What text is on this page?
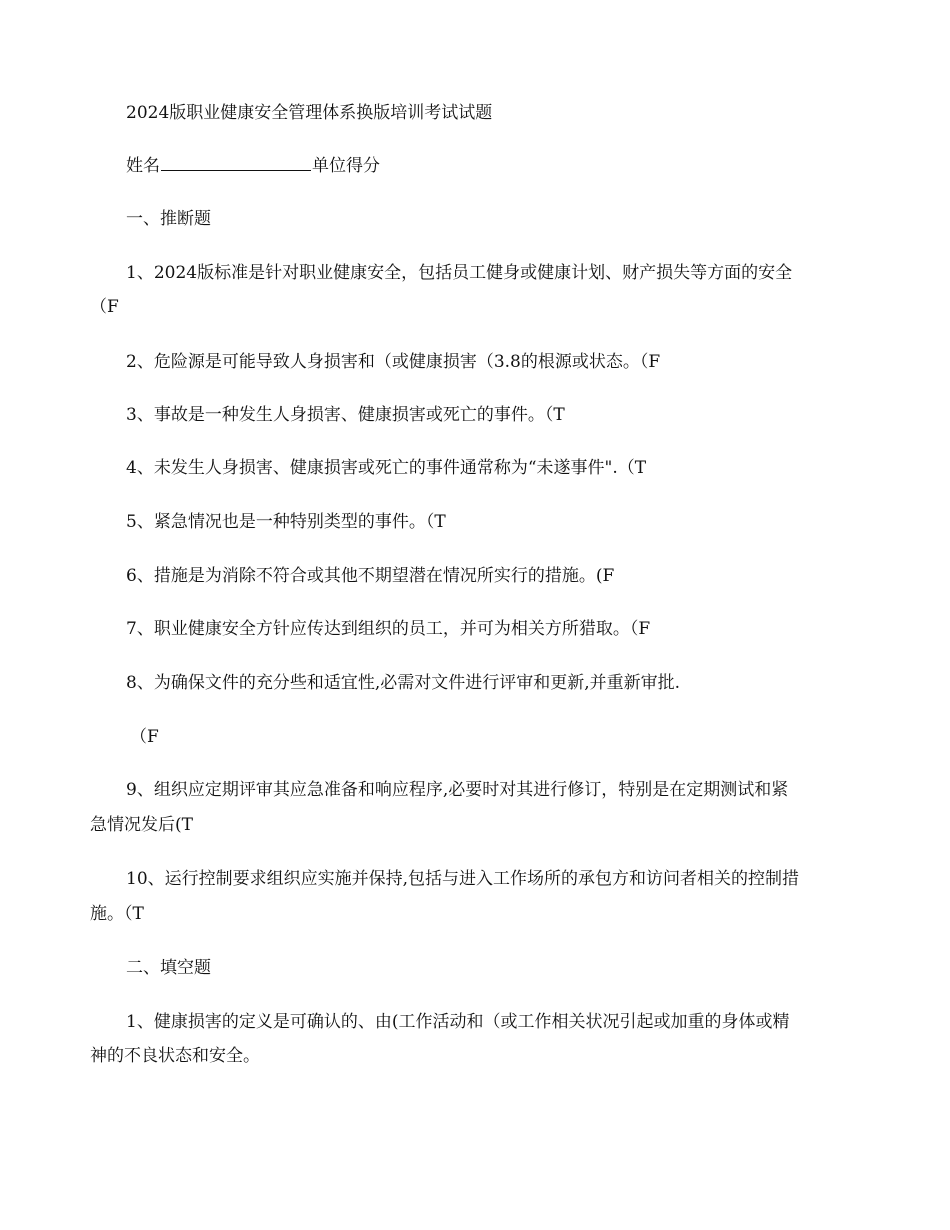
2024版职业健康安全管理体系换版培训考试试题
姓名	单位得分
一、推断题
1、2024版标准是针对职业健康安全，包括员工健身或健康计划、财产损失等方面的安全
（F
2、危险源是可能导致人身损害和（或健康损害（3.8的根源或状态。（F
3、事故是一种发生人身损害、健康损害或死亡的事件。（T
4、未发生人身损害、健康损害或死亡的事件通常称为“未遂事件".（T
5、紧急情况也是一种特别类型的事件。（T
6、措施是为消除不符合或其他不期望潜在情况所实行的措施。(F
7、职业健康安全方针应传达到组织的员工，并可为相关方所猎取。（F
8、为确保文件的充分些和适宜性,必需对文件进行评审和更新,并重新审批.
（F
9、组织应定期评审其应急准备和响应程序,必要时对其进行修订，特别是在定期测试和紧
急情况发后(T
10、运行控制要求组织应实施并保持,包括与进入工作场所的承包方和访问者相关的控制措
施。（T
二、填空题
1、健康损害的定义是可确认的、由(工作活动和（或工作相关状况引起或加重的身体或精
神的不良状态和安全。
